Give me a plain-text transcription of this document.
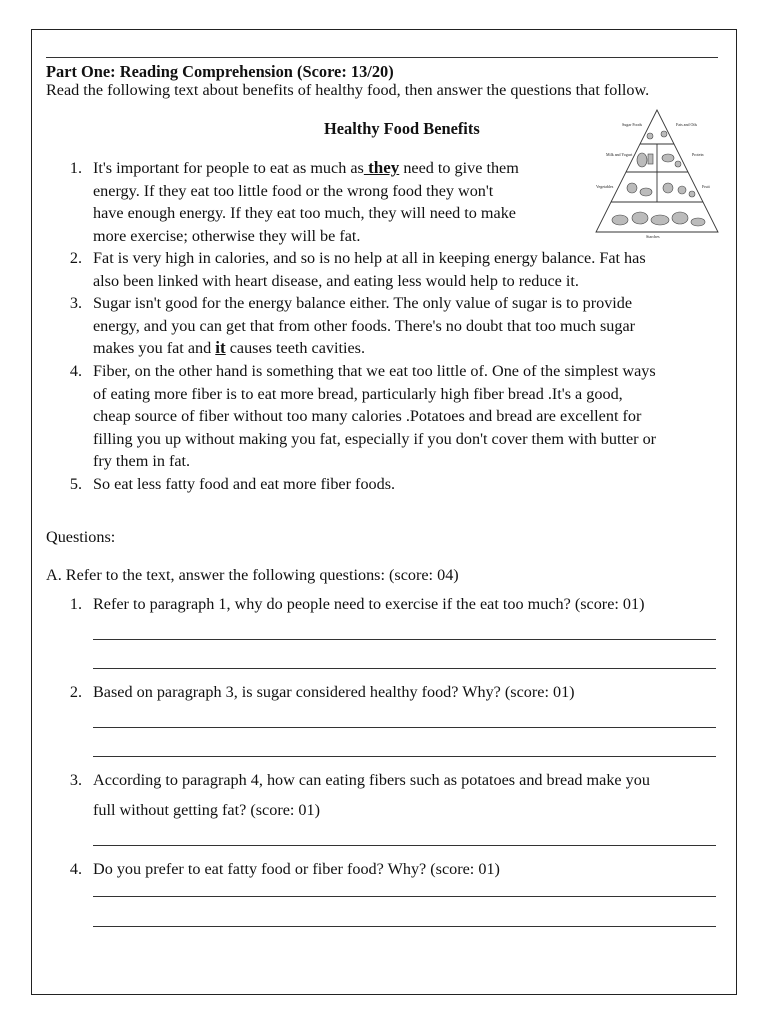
Part One: Reading Comprehension (Score: 13/20)
Read the following text about benefits of healthy food, then answer the questions that follow.
Healthy Food Benefits	Sugar Foods	Fats and Oils
Milk and Yogurt	Protein
Vegetables	Fruit
Starches
1. It's important for people to eat as much as they need to give them
energy. If they eat too little food or the wrong food they won't
have enough energy. If they eat too much, they will need to make
more exercise; otherwise they will be fat.
2. Fat is very high in calories, and so is no help at all in keeping energy balance. Fat has
also been linked with heart disease, and eating less would help to reduce it.
3. Sugar isn't good for the energy balance either. The only value of sugar is to provide
energy, and you can get that from other foods. There's no doubt that too much sugar
makes you fat and it causes teeth cavities.
4. Fiber, on the other hand is something that we eat too little of. One of the simplest ways
of eating more fiber is to eat more bread, particularly high fiber bread .It's a good,
cheap source of fiber without too many calories .Potatoes and bread are excellent for
filling you up without making you fat, especially if you don't cover them with butter or
fry them in fat.
5. So eat less fatty food and eat more fiber foods.
Questions:
A. Refer to the text, answer the following questions: (score: 04)
1. Refer to paragraph 1, why do people need to exercise if the eat too much? (score: 01)
2. Based on paragraph 3, is sugar considered healthy food? Why? (score: 01)
3. According to paragraph 4, how can eating fibers such as potatoes and bread make you
full without getting fat? (score: 01)
4. Do you prefer to eat fatty food or fiber food? Why? (score: 01)
